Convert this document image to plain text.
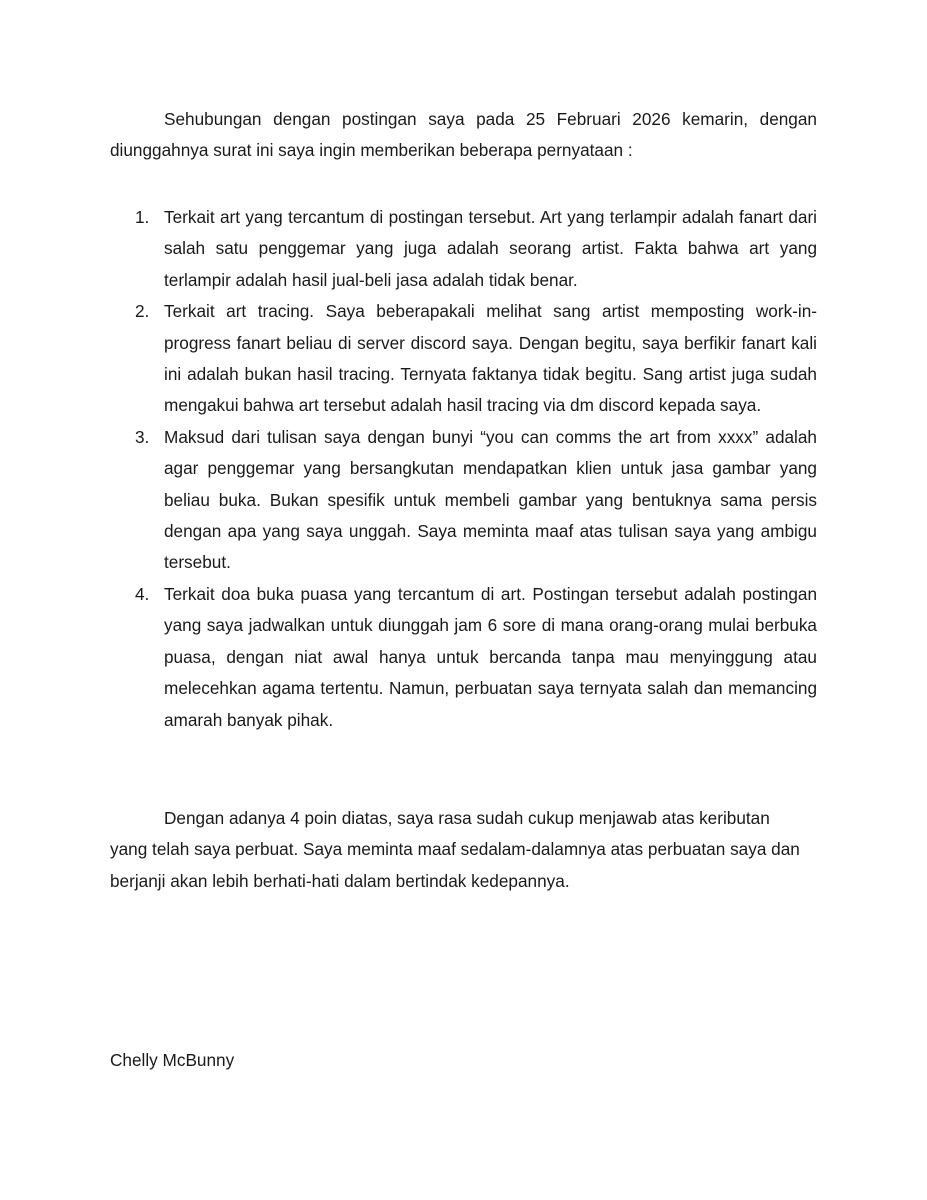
Sehubungan dengan postingan saya pada 25 Februari 2026 kemarin, dengan diunggahnya surat ini saya ingin memberikan beberapa pernyataan :

1. Terkait art yang tercantum di postingan tersebut. Art yang terlampir adalah fanart dari salah satu penggemar yang juga adalah seorang artist. Fakta bahwa art yang terlampir adalah hasil jual-beli jasa adalah tidak benar.
2. Terkait art tracing. Saya beberapakali melihat sang artist memposting work-in-progress fanart beliau di server discord saya. Dengan begitu, saya berfikir fanart kali ini adalah bukan hasil tracing. Ternyata faktanya tidak begitu. Sang artist juga sudah mengakui bahwa art tersebut adalah hasil tracing via dm discord kepada saya.
3. Maksud dari tulisan saya dengan bunyi “you can comms the art from xxxx” adalah agar penggemar yang bersangkutan mendapatkan klien untuk jasa gambar yang beliau buka. Bukan spesifik untuk membeli gambar yang bentuknya sama persis dengan apa yang saya unggah. Saya meminta maaf atas tulisan saya yang ambigu tersebut.
4. Terkait doa buka puasa yang tercantum di art. Postingan tersebut adalah postingan yang saya jadwalkan untuk diunggah jam 6 sore di mana orang-orang mulai berbuka puasa, dengan niat awal hanya untuk bercanda tanpa mau menyinggung atau melecehkan agama tertentu. Namun, perbuatan saya ternyata salah dan memancing amarah banyak pihak.

Dengan adanya 4 poin diatas, saya rasa sudah cukup menjawab atas keributan yang telah saya perbuat. Saya meminta maaf sedalam-dalamnya atas perbuatan saya dan berjanji akan lebih berhati-hati dalam bertindak kedepannya.

Chelly McBunny
